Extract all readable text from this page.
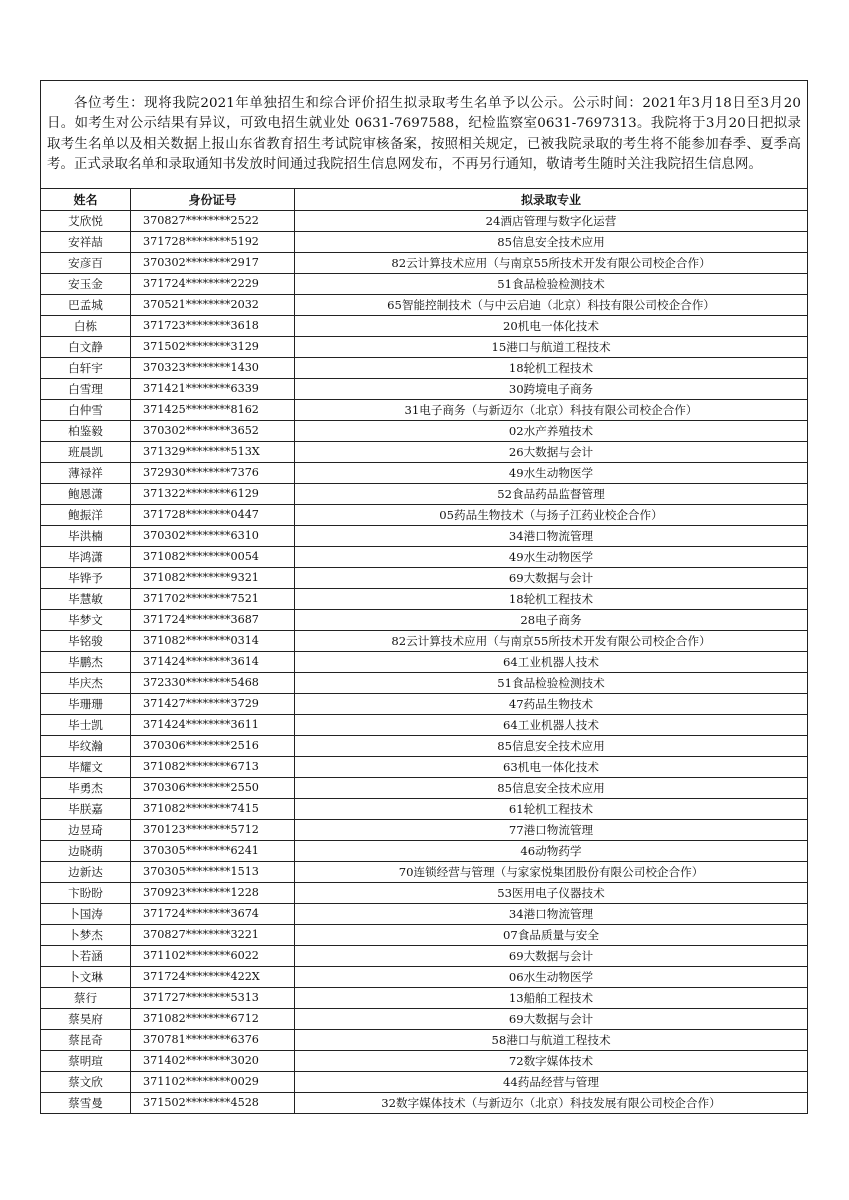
各位考生：现将我院2021年单独招生和综合评价招生拟录取考生名单予以公示。公示时间：2021年3月18日至3月20日。如考生对公示结果有异议，可致电招生就业处 0631-7697588，纪检监察室0631-7697313。我院将于3月20日把拟录取考生名单以及相关数据上报山东省教育招生考试院审核备案，按照相关规定，已被我院录取的考生将不能参加春季、夏季高考。正式录取名单和录取通知书发放时间通过我院招生信息网发布，不再另行通知，敬请考生随时关注我院招生信息网。		

姓名	身份证号	拟录取专业
艾欣悦	370827********2522	24酒店管理与数字化运营
安祥喆	371728********5192	85信息安全技术应用
安彦百	370302********2917	82云计算技术应用（与南京55所技术开发有限公司校企合作）
安玉金	371724********2229	51食品检验检测技术
巴孟城	370521********2032	65智能控制技术（与中云启迪（北京）科技有限公司校企合作）
白栋	371723********3618	20机电一体化技术
白文静	371502********3129	15港口与航道工程技术
白轩宇	370323********1430	18轮机工程技术
白雪理	371421********6339	30跨境电子商务
白仲雪	371425********8162	31电子商务（与新迈尔（北京）科技有限公司校企合作）
柏鉴毅	370302********3652	02水产养殖技术
班晨凯	371329********513X	26大数据与会计
薄禄祥	372930********7376	49水生动物医学
鲍恩潇	371322********6129	52食品药品监督管理
鲍振洋	371728********0447	05药品生物技术（与扬子江药业校企合作）
毕洪楠	370302********6310	34港口物流管理
毕鸿潇	371082********0054	49水生动物医学
毕铧予	371082********9321	69大数据与会计
毕慧敏	371702********7521	18轮机工程技术
毕梦文	371724********3687	28电子商务
毕铭骏	371082********0314	82云计算技术应用（与南京55所技术开发有限公司校企合作）
毕鹏杰	371424********3614	64工业机器人技术
毕庆杰	372330********5468	51食品检验检测技术
毕珊珊	371427********3729	47药品生物技术
毕士凯	371424********3611	64工业机器人技术
毕纹瀚	370306********2516	85信息安全技术应用
毕耀文	371082********6713	63机电一体化技术
毕勇杰	370306********2550	85信息安全技术应用
毕朕嘉	371082********7415	61轮机工程技术
边昱琦	370123********5712	77港口物流管理
边晓萌	370305********6241	46动物药学
边新达	370305********1513	70连锁经营与管理（与家家悦集团股份有限公司校企合作）
卞盼盼	370923********1228	53医用电子仪器技术
卜国涛	371724********3674	34港口物流管理
卜梦杰	370827********3221	07食品质量与安全
卜若涵	371102********6022	69大数据与会计
卜文琳	371724********422X	06水生动物医学
蔡行	371727********5313	13船舶工程技术
蔡昊府	371082********6712	69大数据与会计
蔡昆奇	370781********6376	58港口与航道工程技术
蔡明瑄	371402********3020	72数字媒体技术
蔡文欣	371102********0029	44药品经营与管理
蔡雪曼	371502********4528	32数字媒体技术（与新迈尔（北京）科技发展有限公司校企合作）
